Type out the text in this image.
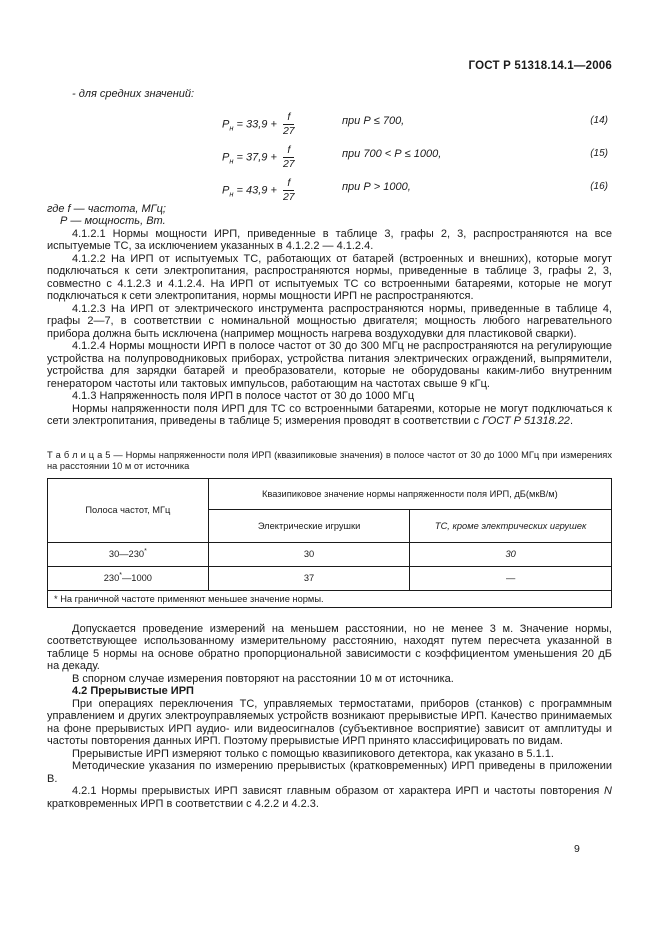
ГОСТ Р 51318.14.1—2006
- для средних значений:
$P_н = 33,9 + \frac{f}{27}$	при Р ≤ 700,	(14)
$P_н = 37,9 + \frac{f}{27}$	при 700 < Р ≤ 1000,	(15)
$P_н = 43,9 + \frac{f}{27}$	при Р > 1000,	(16)
где f — частота, МГц;
Р — мощность, Вт.

4.1.2.1 Нормы мощности ИРП, приведенные в таблице 3, графы 2, 3, распространяются на все испытуемые ТС, за исключением указанных в 4.1.2.2 — 4.1.2.4.

4.1.2.2 На ИРП от испытуемых ТС, работающих от батарей (встроенных и внешних), которые могут подключаться к сети электропитания, распространяются нормы, приведенные в таблице 3, графы 2, 3, совместно с 4.1.2.3 и 4.1.2.4. На ИРП от испытуемых ТС со встроенными батареями, которые не могут подключаться к сети электропитания, нормы мощности ИРП не распространяются.

4.1.2.3 На ИРП от электрического инструмента распространяются нормы, приведенные в таблице 4, графы 2—7, в соответствии с номинальной мощностью двигателя; мощность любого нагревательного прибора должна быть исключена (например мощность нагрева воздуходувки для пластиковой сварки).

4.1.2.4 Нормы мощности ИРП в полосе частот от 30 до 300 МГц не распространяются на регулирующие устройства на полупроводниковых приборах, устройства питания электрических ограждений, выпрямители, устройства для зарядки батарей и преобразователи, которые не оборудованы каким-либо внутренним генератором частоты или тактовых импульсов, работающим на частотах свыше 9 кГц.

4.1.3 Напряженность поля ИРП в полосе частот от 30 до 1000 МГц

Нормы напряженности поля ИРП для ТС со встроенными батареями, которые не могут подключаться к сети электропитания, приведены в таблице 5; измерения проводят в соответствии с ГОСТ Р 51318.22.

Т а б л и ц а 5 — Нормы напряженности поля ИРП (квазипиковые значения) в полосе частот от 30 до 1000 МГц при измерениях на расстоянии 10 м от источника
Полоса частот, МГц	Квазипиковое значение нормы напряженности поля ИРП, дБ(мкВ/м)	
	Электрические игрушки	ТС, кроме электрических игрушек
30—230*	30	30
230*—1000	37	—
* На граничной частоте применяют меньшее значение нормы.		

Допускается проведение измерений на меньшем расстоянии, но не менее 3 м. Значение нормы, соответствующее использованному измерительному расстоянию, находят путем пересчета указанной в таблице 5 нормы на основе обратно пропорциональной зависимости с коэффициентом уменьшения 20 дБ на декаду.

В спорном случае измерения повторяют на расстоянии 10 м от источника.

4.2 Прерывистые ИРП

При операциях переключения ТС, управляемых термостатами, приборов (станков) с программным управлением и других электроуправляемых устройств возникают прерывистые ИРП. Качество принимаемых на фоне прерывистых ИРП аудио- или видеосигналов (субъективное восприятие) зависит от амплитуды и частоты повторения данных ИРП. Поэтому прерывистые ИРП принято классифицировать по видам.

Прерывистые ИРП измеряют только с помощью квазипикового детектора, как указано в 5.1.1.

Методические указания по измерению прерывистых (кратковременных) ИРП приведены в приложении В.

4.2.1 Нормы прерывистых ИРП зависят главным образом от характера ИРП и частоты повторения N кратковременных ИРП в соответствии с 4.2.2 и 4.2.3.

9
